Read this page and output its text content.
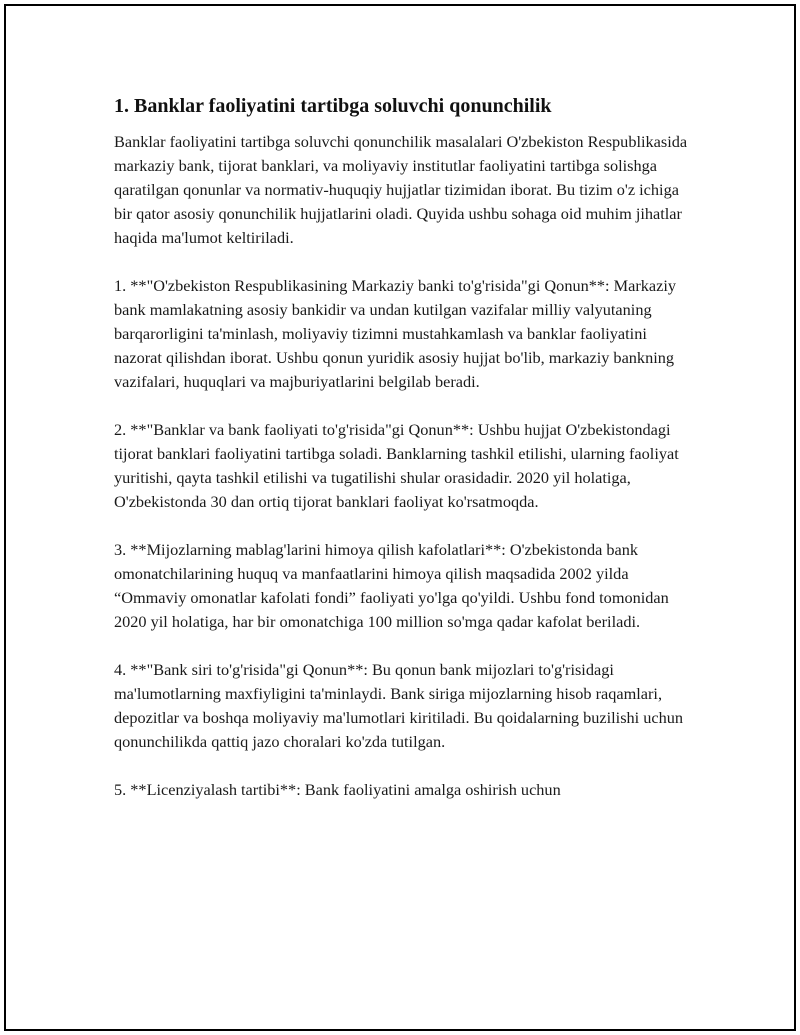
1. Banklar faoliyatini tartibga soluvchi qonunchilik

Banklar faoliyatini tartibga soluvchi qonunchilik masalalari O'zbekiston Respublikasida markaziy bank, tijorat banklari, va moliyaviy institutlar faoliyatini tartibga solishga qaratilgan qonunlar va normativ-huquqiy hujjatlar tizimidan iborat. Bu tizim o'z ichiga bir qator asosiy qonunchilik hujjatlarini oladi. Quyida ushbu sohaga oid muhim jihatlar haqida ma'lumot keltiriladi.

1. **"O'zbekiston Respublikasining Markaziy banki to'g'risida"gi Qonun**: Markaziy bank mamlakatning asosiy bankidir va undan kutilgan vazifalar milliy valyutaning barqarorligini ta'minlash, moliyaviy tizimni mustahkamlash va banklar faoliyatini nazorat qilishdan iborat. Ushbu qonun yuridik asosiy hujjat bo'lib, markaziy bankning vazifalari, huquqlari va majburiyatlarini belgilab beradi.

2. **"Banklar va bank faoliyati to'g'risida"gi Qonun**: Ushbu hujjat O'zbekistondagi tijorat banklari faoliyatini tartibga soladi. Banklarning tashkil etilishi, ularning faoliyat yuritishi, qayta tashkil etilishi va tugatilishi shular orasidadir. 2020 yil holatiga, O'zbekistonda 30 dan ortiq tijorat banklari faoliyat ko'rsatmoqda.

3. **Mijozlarning mablag'larini himoya qilish kafolatlari**: O'zbekistonda bank omonatchilarining huquq va manfaatlarini himoya qilish maqsadida 2002 yilda “Ommaviy omonatlar kafolati fondi” faoliyati yo'lga qo'yildi. Ushbu fond tomonidan 2020 yil holatiga, har bir omonatchiga 100 million so'mga qadar kafolat beriladi.

4. **"Bank siri to'g'risida"gi Qonun**: Bu qonun bank mijozlari to'g'risidagi ma'lumotlarning maxfiyligini ta'minlaydi. Bank siriga mijozlarning hisob raqamlari, depozitlar va boshqa moliyaviy ma'lumotlari kiritiladi. Bu qoidalarning buzilishi uchun qonunchilikda qattiq jazo choralari ko'zda tutilgan.

5. **Licenziyalash tartibi**: Bank faoliyatini amalga oshirish uchun
